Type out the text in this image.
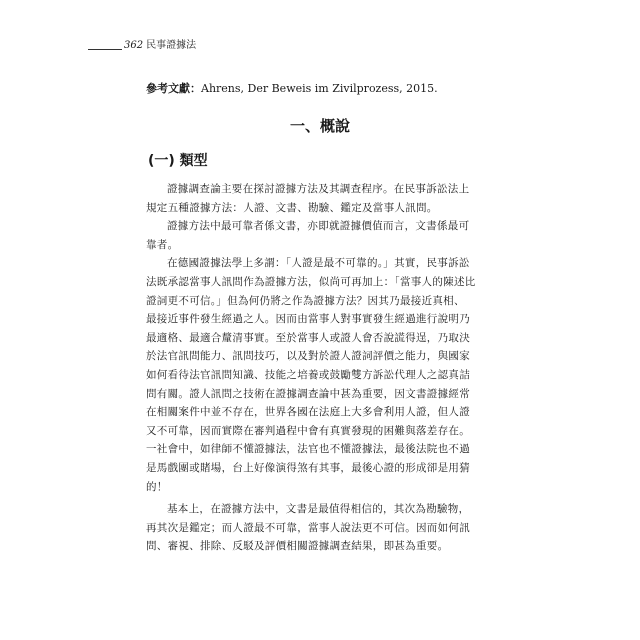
362 民事證據法
參考文獻：Ahrens, Der Beweis im Zivilprozess, 2015.
一、概說
(一) 類型
證據調查論主要在探討證據方法及其調查程序。在民事訴訟法上
規定五種證據方法：人證、文書、勘驗、鑑定及當事人訊問。
證據方法中最可靠者係文書，亦即就證據價值而言，文書係最可
靠者。
在德國證據法學上多謂：「人證是最不可靠的。」其實，民事訴訟
法既承認當事人訊問作為證據方法，似尚可再加上：「當事人的陳述比
證詞更不可信。」但為何仍將之作為證據方法？因其乃最接近真相、
最接近事件發生經過之人。因而由當事人對事實發生經過進行說明乃
最適格、最適合釐清事實。至於當事人或證人會否說謊得逞，乃取決
於法官訊問能力、訊問技巧，以及對於證人證詞評價之能力，與國家
如何看待法官訊問知識、技能之培養或鼓勵雙方訴訟代理人之認真詰
問有關。證人訊問之技術在證據調查論中甚為重要，因文書證據經常
在相關案件中並不存在，世界各國在法庭上大多會利用人證，但人證
又不可靠，因而實際在審判過程中會有真實發現的困難與落差存在。
一社會中，如律師不懂證據法，法官也不懂證據法，最後法院也不過
是馬戲團或賭場，台上好像演得煞有其事，最後心證的形成卻是用猜
的！
基本上，在證據方法中，文書是最值得相信的，其次為勘驗物，
再其次是鑑定；而人證最不可靠，當事人說法更不可信。因而如何訊
問、審視、排除、反駁及評價相關證據調查結果，即甚為重要。
